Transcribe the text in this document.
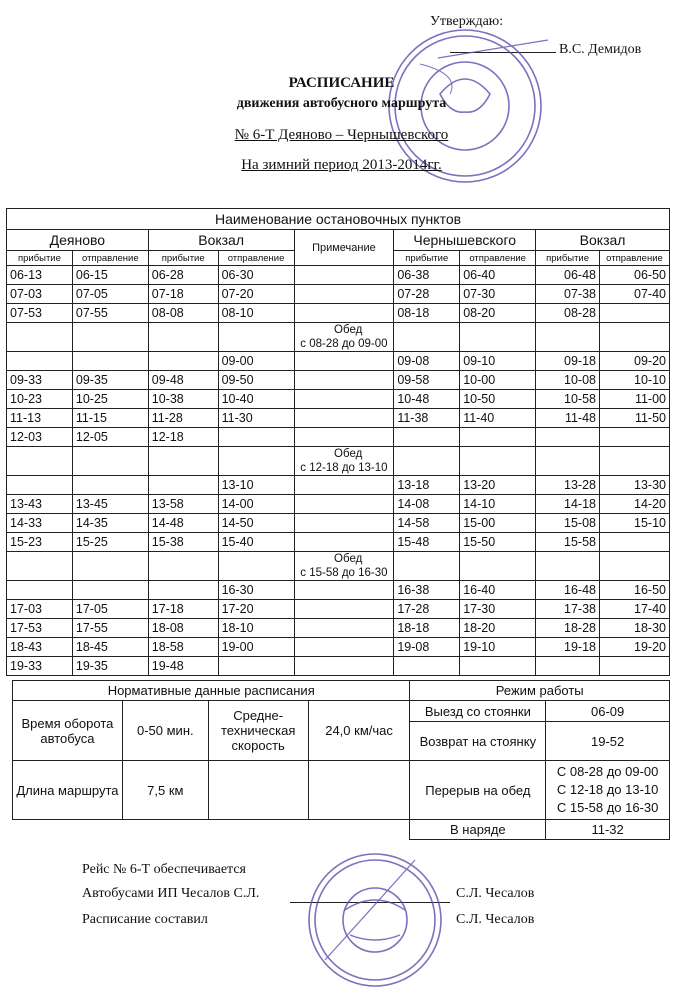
Утверждаю:
В.С. Демидов
РАСПИСАНИЕ
движения автобусного маршрута
№ 6-Т Деяново – Чернышевского
На зимний период 2013-2014гг.
Наименование остановочных пунктов								
Деяново		Вокзал		Примечание	Чернышевского		Вокзал	
прибытие	отправление	прибытие	отправление		прибытие	отправление	прибытие	отправление
06-13	06-15	06-28	06-30		06-38	06-40	06-48	06-50
07-03	07-05	07-18	07-20		07-28	07-30	07-38	07-40
07-53	07-55	08-08	08-10		08-18	08-20	08-28	

				Обед
с 08-28 до 09-00				

			09-00		09-08	09-10	09-18	09-20
09-33	09-35	09-48	09-50		09-58	10-00	10-08	10-10
10-23	10-25	10-38	10-40		10-48	10-50	10-58	11-00
11-13	11-15	11-28	11-30		11-38	11-40	11-48	11-50
12-03	12-05	12-18						

				Обед
с 12-18 до 13-10				

			13-10		13-18	13-20	13-28	13-30
13-43	13-45	13-58	14-00		14-08	14-10	14-18	14-20
14-33	14-35	14-48	14-50		14-58	15-00	15-08	15-10
15-23	15-25	15-38	15-40		15-48	15-50	15-58	

				Обед
с 15-58 до 16-30				

			16-30		16-38	16-40	16-48	16-50
17-03	17-05	17-18	17-20		17-28	17-30	17-38	17-40
17-53	17-55	18-08	18-10		18-18	18-20	18-28	18-30
18-43	18-45	18-58	19-00		19-08	19-10	19-18	19-20
19-33	19-35	19-48						
Нормативные данные расписания				Режим работы	
Время оборота автобуса	0-50 мин.	Средне-техническая скорость	24,0 км/час	Выезд со стоянки	06-09
				Возврат на стоянку	19-52
Длина маршрута	7,5 км			Перерыв на обед	С 08-28 до 09-00
С 12-18 до 13-10
С 15-58 до 16-30

				В наряде	11-32
Рейс № 6-Т обеспечивается
Автобусами ИП Чесалов С.Л.
Расписание составил
С.Л. Чесалов
С.Л. Чесалов
